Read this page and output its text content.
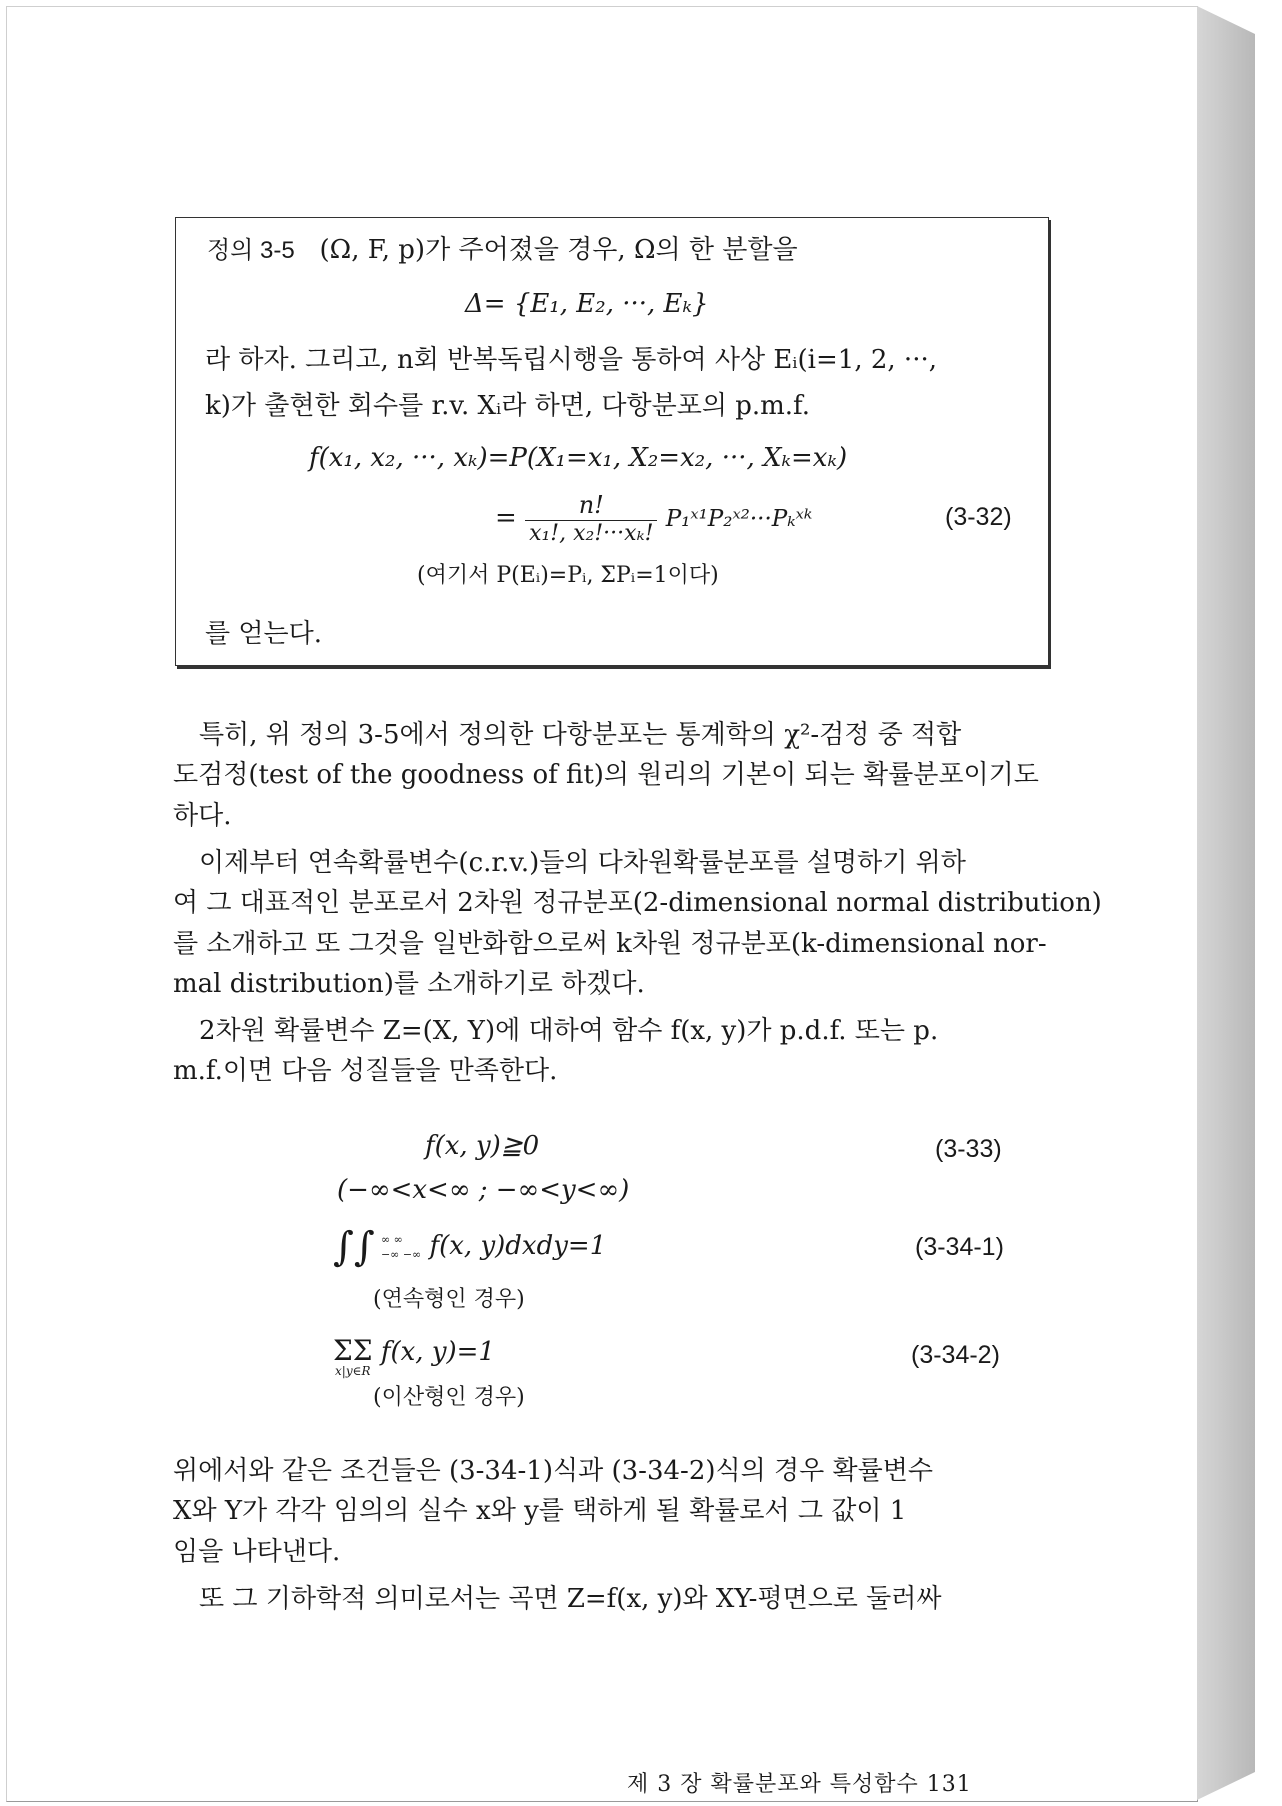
정의 3-5 (Ω, F, p)가 주어졌을 경우, Ω의 한 분할을
Δ= {E₁, E₂, ···, Eₖ}
라 하자. 그리고, n회 반복독립시행을 통하여 사상 Eᵢ(i=1, 2, ···,
k)가 출현한 회수를 r.v. Xᵢ라 하면, 다항분포의 p.m.f.
f(x₁, x₂, ···, xₖ)=P(X₁=x₁, X₂=x₂, ···, Xₖ=xₖ)
= $\frac{n!}{\text{x₁!, x₂!···xₖ!}}$ P₁ˣ¹P₂ˣ²···Pₖˣᵏ	(3-32)
(여기서 P(Eᵢ)=Pᵢ, ΣPᵢ=1이다)
를 얻는다.
특히, 위 정의 3-5에서 정의한 다항분포는 통계학의 χ²-검정 중 적합
도검정(test of the goodness of fit)의 원리의 기본이 되는 확률분포이기도
하다.
이제부터 연속확률변수(c.r.v.)들의 다차원확률분포를 설명하기 위하
여 그 대표적인 분포로서 2차원 정규분포(2-dimensional normal distribution)
를 소개하고 또 그것을 일반화함으로써 k차원 정규분포(k-dimensional nor-
mal distribution)를 소개하기로 하겠다.
2차원 확률변수 Z=(X, Y)에 대하여 함수 f(x, y)가 p.d.f. 또는 p.
m.f.이면 다음 성질들을 만족한다.
f(x, y)≧0	(3-33)
(−∞<x<∞ ; −∞<y<∞)
∫∫ ∞ ∞
−∞ −∞ f(x, y)dxdy=1	(3-34-1)
(연속형인 경우)
ΣΣ
x|y∈R
f(x, y)=1	(3-34-2)
(이산형인 경우)
위에서와 같은 조건들은 (3-34-1)식과 (3-34-2)식의 경우 확률변수
X와 Y가 각각 임의의 실수 x와 y를 택하게 될 확률로서 그 값이 1
임을 나타낸다.
또 그 기하학적 의미로서는 곡면 Z=f(x, y)와 XY-평면으로 둘러싸
제 3 장 확률분포와 특성함수 131
